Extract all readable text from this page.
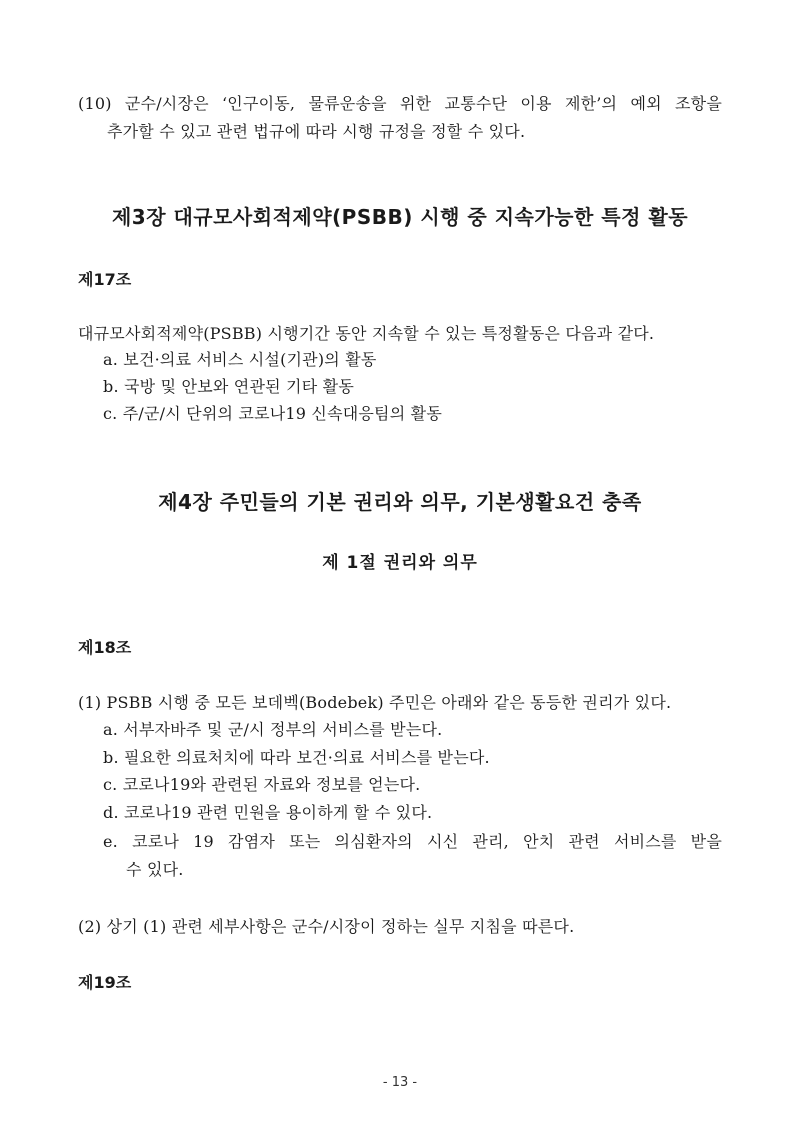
(10) 군수/시장은 ‘인구이동, 물류운송을 위한 교통수단 이용 제한’의 예외 조항을
추가할 수 있고 관련 법규에 따라 시행 규정을 정할 수 있다.
제3장 대규모사회적제약(PSBB) 시행 중 지속가능한 특정 활동
제17조
대규모사회적제약(PSBB) 시행기간 동안 지속할 수 있는 특정활동은 다음과 같다.
a. 보건·의료 서비스 시설(기관)의 활동
b. 국방 및 안보와 연관된 기타 활동
c. 주/군/시 단위의 코로나19 신속대응팀의 활동
제4장 주민들의 기본 권리와 의무, 기본생활요건 충족
제 1절 권리와 의무
제18조
(1) PSBB 시행 중 모든 보데벡(Bodebek) 주민은 아래와 같은 동등한 권리가 있다.
a. 서부자바주 및 군/시 정부의 서비스를 받는다.
b. 필요한 의료처치에 따라 보건·의료 서비스를 받는다.
c. 코로나19와 관련된 자료와 정보를 얻는다.
d. 코로나19 관련 민원을 용이하게 할 수 있다.
e. 코로나 19 감염자 또는 의심환자의 시신 관리, 안치 관련 서비스를 받을
수 있다.
(2) 상기 (1) 관련 세부사항은 군수/시장이 정하는 실무 지침을 따른다.
제19조
- 13 -
